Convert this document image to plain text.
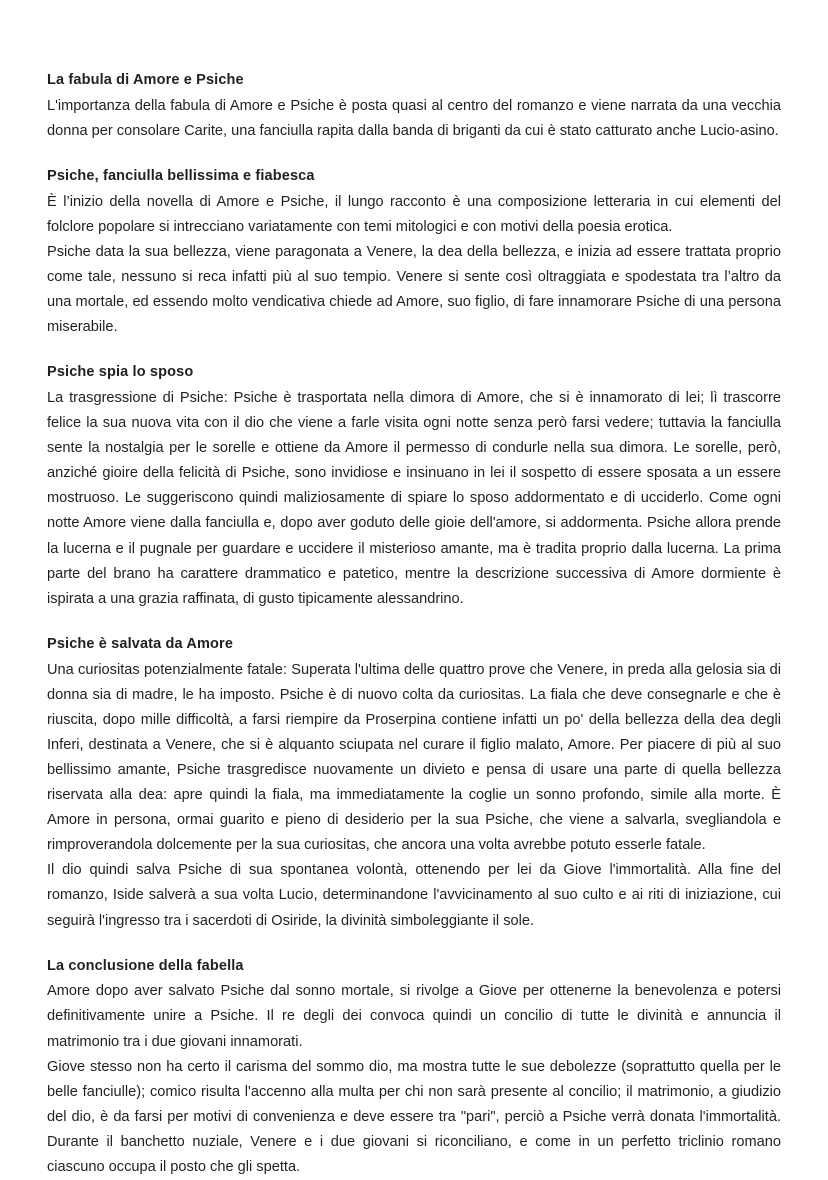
La fabula di Amore e Psiche

L'importanza della fabula di Amore e Psiche è posta quasi al centro del romanzo e viene narrata da una vecchia donna per consolare Carite, una fanciulla rapita dalla banda di briganti da cui è stato catturato anche Lucio-asino.

Psiche, fanciulla bellissima e fiabesca

È l’inizio della novella di Amore e Psiche, il lungo racconto è una composizione letteraria in cui elementi del folclore popolare si intrecciano variatamente con temi mitologici e con motivi della poesia erotica.

Psiche data la sua bellezza, viene paragonata a Venere, la dea della bellezza, e inizia ad essere trattata proprio come tale, nessuno si reca infatti più al suo tempio. Venere si sente così oltraggiata e spodestata tra l’altro da una mortale, ed essendo molto vendicativa chiede ad Amore, suo figlio, di fare innamorare Psiche di una persona miserabile.

Psiche spia lo sposo

La trasgressione di Psiche: Psiche è trasportata nella dimora di Amore, che si è innamorato di lei; lì trascorre felice la sua nuova vita con il dio che viene a farle visita ogni notte senza però farsi vedere; tuttavia la fanciulla sente la nostalgia per le sorelle e ottiene da Amore il permesso di condurle nella sua dimora. Le sorelle, però, anziché gioire della felicità di Psiche, sono invidiose e insinuano in lei il sospetto di essere sposata a un essere mostruoso. Le suggeriscono quindi maliziosamente di spiare lo sposo addormentato e di ucciderlo. Come ogni notte Amore viene dalla fanciulla e, dopo aver goduto delle gioie dell'amore, si addormenta. Psiche allora prende la lucerna e il pugnale per guardare e uccidere il misterioso amante, ma è tradita proprio dalla lucerna. La prima parte del brano ha carattere drammatico e patetico, mentre la descrizione successiva di Amore dormiente è ispirata a una grazia raffinata, di gusto tipicamente alessandrino.

Psiche è salvata da Amore

Una curiositas potenzialmente fatale: Superata l'ultima delle quattro prove che Venere, in preda alla gelosia sia di donna sia di madre, le ha imposto. Psiche è di nuovo colta da curiositas. La fiala che deve consegnarle e che è riuscita, dopo mille difficoltà, a farsi riempire da Proserpina contiene infatti un po' della bellezza della dea degli Inferi, destinata a Venere, che si è alquanto sciupata nel curare il figlio malato, Amore. Per piacere di più al suo bellissimo amante, Psiche trasgredisce nuovamente un divieto e pensa di usare una parte di quella bellezza riservata alla dea: apre quindi la fiala, ma immediatamente la coglie un sonno profondo, simile alla morte. È Amore in persona, ormai guarito e pieno di desiderio per la sua Psiche, che viene a salvarla, svegliandola e rimproverandola dolcemente per la sua curiositas, che ancora una volta avrebbe potuto esserle fatale.

Il dio quindi salva Psiche di sua spontanea volontà, ottenendo per lei da Giove l'immortalità. Alla fine del romanzo, Iside salverà a sua volta Lucio, determinandone l'avvicinamento al suo culto e ai riti di iniziazione, cui seguirà l'ingresso tra i sacerdoti di Osiride, la divinità simboleggiante il sole.

La conclusione della fabella

Amore dopo aver salvato Psiche dal sonno mortale, si rivolge a Giove per ottenerne la benevolenza e potersi definitivamente unire a Psiche. Il re degli dei convoca quindi un concilio di tutte le divinità e annuncia il matrimonio tra i due giovani innamorati.

Giove stesso non ha certo il carisma del sommo dio, ma mostra tutte le sue debolezze (soprattutto quella per le belle fanciulle); comico risulta l'accenno alla multa per chi non sarà presente al concilio; il matrimonio, a giudizio del dio, è da farsi per motivi di convenienza e deve essere tra "pari", perciò a Psiche verrà donata l'immortalità. Durante il banchetto nuziale, Venere e i due giovani si riconciliano, e come in un perfetto triclinio romano ciascuno occupa il posto che gli spetta.
